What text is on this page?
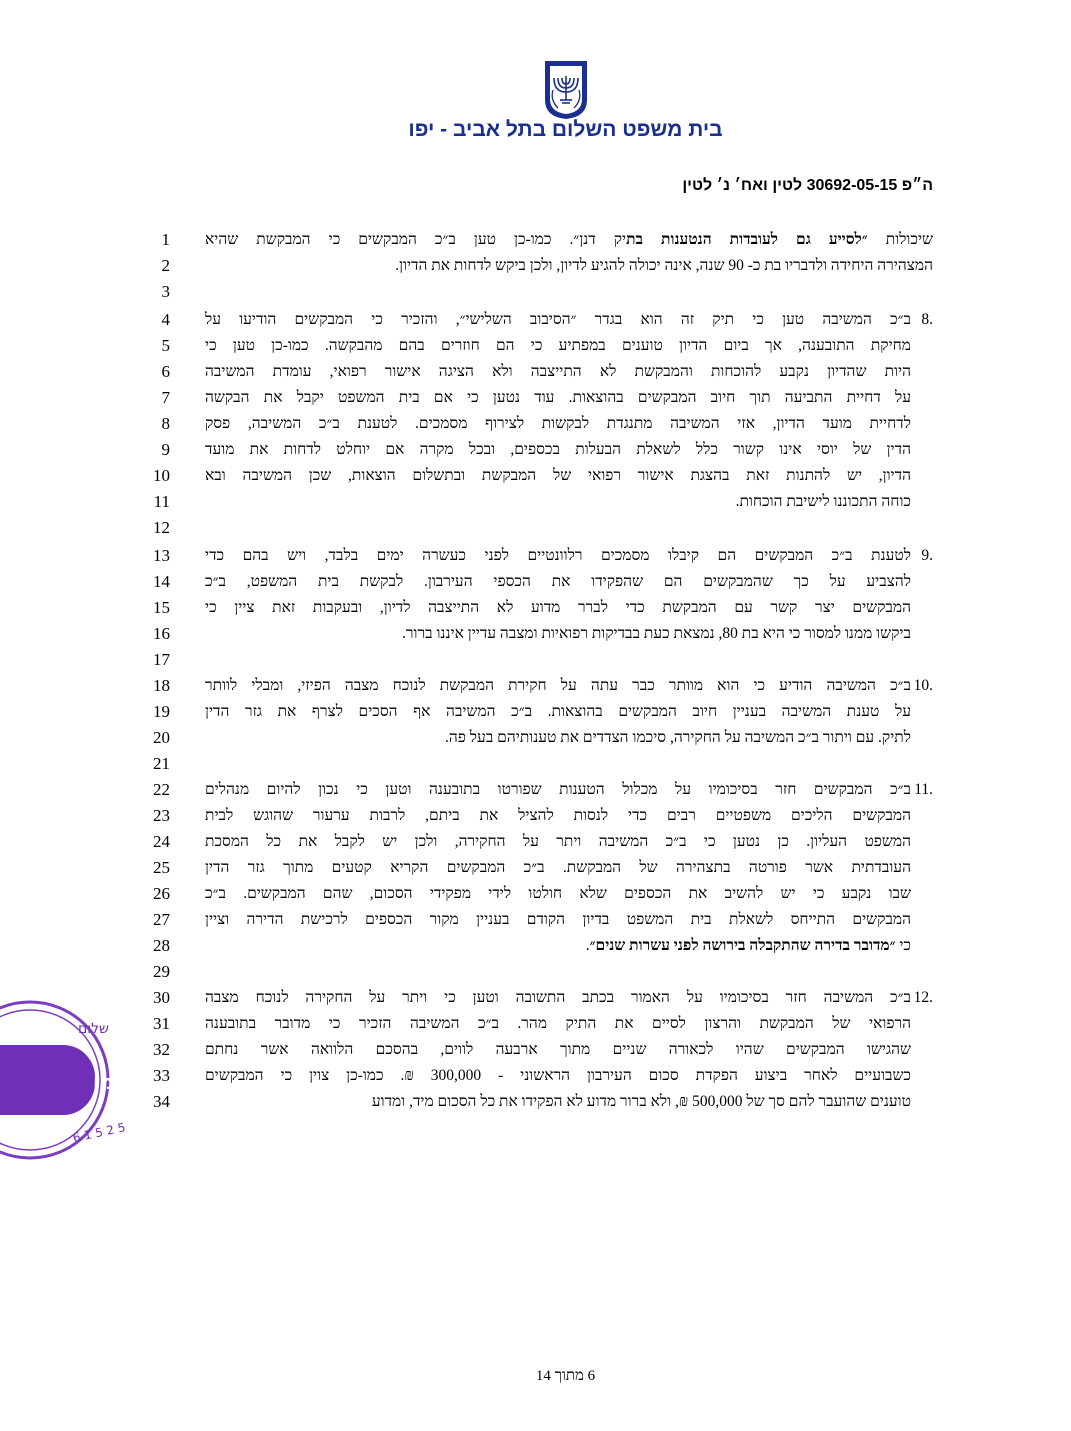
בית משפט השלום בתל אביב - יפו
ה״פ 30692-05-15 לטין ואח׳ נ׳ לטין
1	שיכולות ״לסייע גם לעובדות הנטענות בתיק דנן״. כמו-כן טען ב״כ המבקשים כי המבקשת שהיא
2	המצהירה היחידה ולדבריו בת כ- 90 שנה, אינה יכולה להגיע לדיון, ולכן ביקש לדחות את הדיון.
3
4	8.
ב״כ המשיבה טען כי תיק זה הוא בגדר ״הסיבוב השלישי״, והזכיר כי המבקשים הודיעו על
5 מחיקת התובענה, אך ביום הדיון טוענים במפתיע כי הם חוזרים בהם מהבקשה. כמו-כן טען כי
6 היות שהדיון נקבע להוכחות והמבקשת לא התייצבה ולא הציגה אישור רפואי, עומדת המשיבה
7 על דחיית התביעה תוך חיוב המבקשים בהוצאות. עוד נטען כי אם בית המשפט יקבל את הבקשה
8 לדחיית מועד הדיון, אזי המשיבה מתנגדת לבקשות לצירוף מסמכים. לטענת ב״כ המשיבה, פסק
9 הדין של יוסי אינו קשור כלל לשאלת הבעלות בכספים, ובכל מקרה אם יוחלט לדחות את מועד
10 הדיון, יש להתנות זאת בהצגת אישור רפואי של המבקשת ובתשלום הוצאות, שכן המשיבה ובא
11	כוחה התכוננו לישיבת הוכחות.
12
13	9.
לטענת ב״כ המבקשים הם קיבלו מסמכים רלוונטיים לפני כעשרה ימים בלבד, ויש בהם כדי
14 להצביע על כך שהמבקשים הם שהפקידו את הכספי העירבון. לבקשת בית המשפט, ב״כ
15 המבקשים יצר קשר עם המבקשת כדי לברר מדוע לא התייצבה לדיון, ובעקבות זאת ציין כי
16	ביקשו ממנו למסור כי היא בת 80, נמצאת כעת בבדיקות רפואיות ומצבה עדיין איננו ברור.
17
18	10.
ב״כ המשיבה הודיע כי הוא מוותר כבר עתה על חקירת המבקשת לנוכח מצבה הפיזי, ומבלי לוותר
19 על טענת המשיבה בעניין חיוב המבקשים בהוצאות. ב״כ המשיבה אף הסכים לצרף את גזר הדין
20	לתיק. עם ויתור ב״כ המשיבה על החקירה, סיכמו הצדדים את טענותיהם בעל פה.
21
22	11.
ב״כ המבקשים חזר בסיכומיו על מכלול הטענות שפורטו בתובענה וטען כי נכון להיום מנהלים
23 המבקשים הליכים משפטיים רבים כדי לנסות להציל את ביתם, לרבות ערעור שהוגש לבית
24 המשפט העליון. כן נטען כי ב״כ המשיבה ויתר על החקירה, ולכן יש לקבל את כל המסכת
25 העובדתית אשר פורטה בתצהירה של המבקשת. ב״כ המבקשים הקריא קטעים מתוך גזר הדין
26 שבו נקבע כי יש להשיב את הכספים שלא חולטו לידי מפקידי הסכום, שהם המבקשים. ב״כ
27 המבקשים התייחס לשאלת בית המשפט בדיון הקודם בעניין מקור הכספים לרכישת הדירה וציין
28	כי ״מדובר בדירה שהתקבלה בירושה לפני עשרות שנים״.
29
30	12.
ב״כ המשיבה חזר בסיכומיו על האמור בכתב התשובה וטען כי ויתר על החקירה לנוכח מצבה
31 הרפואי של המבקשת והרצון לסיים את התיק מהר. ב״כ המשיבה הזכיר כי מדובר בתובענה
32 שהגישו המבקשים שהיו לכאורה שניים מתוך ארבעה לווים, בהסכם הלוואה אשר נחתם
33 כשבועיים לאחר ביצוע הפקדת סכום העירבון הראשוני - 300,000 ₪. כמו-כן צוין כי המבקשים
34	טוענים שהועבר להם סך של 500,000 ₪, ולא ברור מדוע לא הפקידו את כל הסכום מיד, ומדוע
שלום
אמן
5 2 5 1 6
6 מתוך 14
